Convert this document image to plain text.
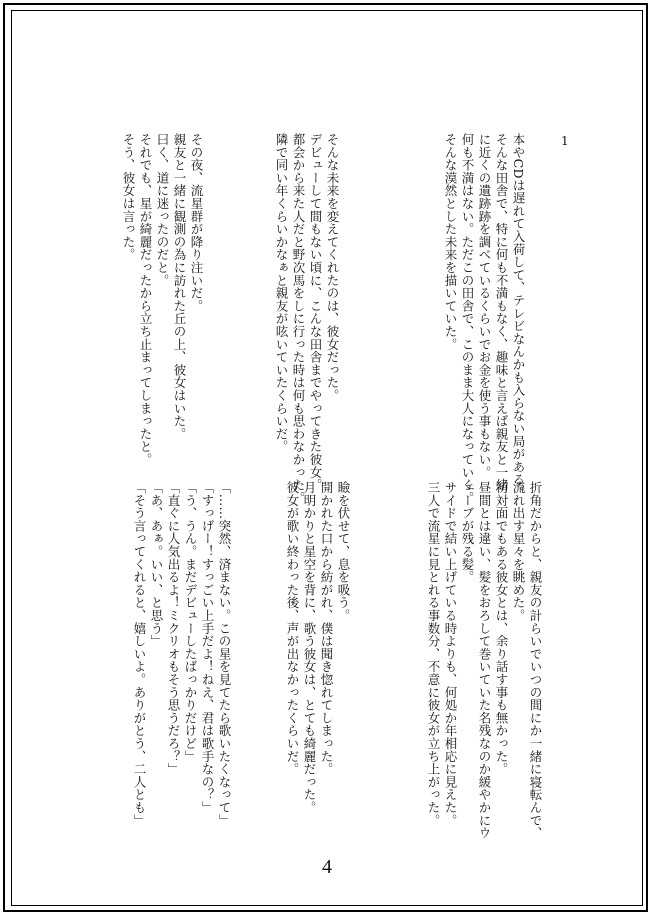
1

本やCDは遅れて入荷して、テレビなんかも入らない局がある。

そんな田舎で、特に何も不満もなく、趣味と言えば親友と一緒

に近くの遺跡跡を調べているくらいでお金を使う事もない。

何も不満はない。ただこの田舎で、このまま大人になっていく。

そんな漠然とした未来を描いていた。

そんな未来を変えてくれたのは、彼女だった。

デビューして間もない頃に、こんな田舎までやってきた彼女。

都会から来た人だと野次馬をしに行った時は何も思わなかった。

隣で同い年くらいかなぁと親友が呟いていたくらいだ。

その夜、流星群が降り注いだ。

親友と一緒に観測の為に訪れた丘の上、彼女はいた。

曰く、道に迷ったのだと。

それでも、星が綺麗だったから立ち止まってしまったと。

そう、彼女は言った。

折角だからと、親友の計らいでいつの間にか一緒に寝転んで、

流れ出す星々を眺めた。

初対面でもある彼女とは、余り話す事も無かった。

昼間とは違い、髪をおろして巻いていた名残なのか緩やかにウ

ェーブが残る髪。

サイドで結い上げている時よりも、何処か年相応に見えた。

三人で流星に見とれる事数分、不意に彼女が立ち上がった。

瞼を伏せて、息を吸う。

開かれた口から紡がれ、僕は聞き惚れてしまった。

月明かりと星空を背に、歌う彼女は、とても綺麗だった。

彼女が歌い終わった後、声が出なかったくらいだ。

「……突然、済まない。この星を見てたら歌いたくなって」

「すっげー！すっごい上手だよ！ねえ、君は歌手なの？」

「う、うん。まだデビューしたばっかりだけど」

「直ぐに人気出るよ！ミクリオもそう思うだろ？」

「あ、あぁ。いい、と思う」

「そう言ってくれると、嬉しいよ。ありがとう、二人とも」

4
